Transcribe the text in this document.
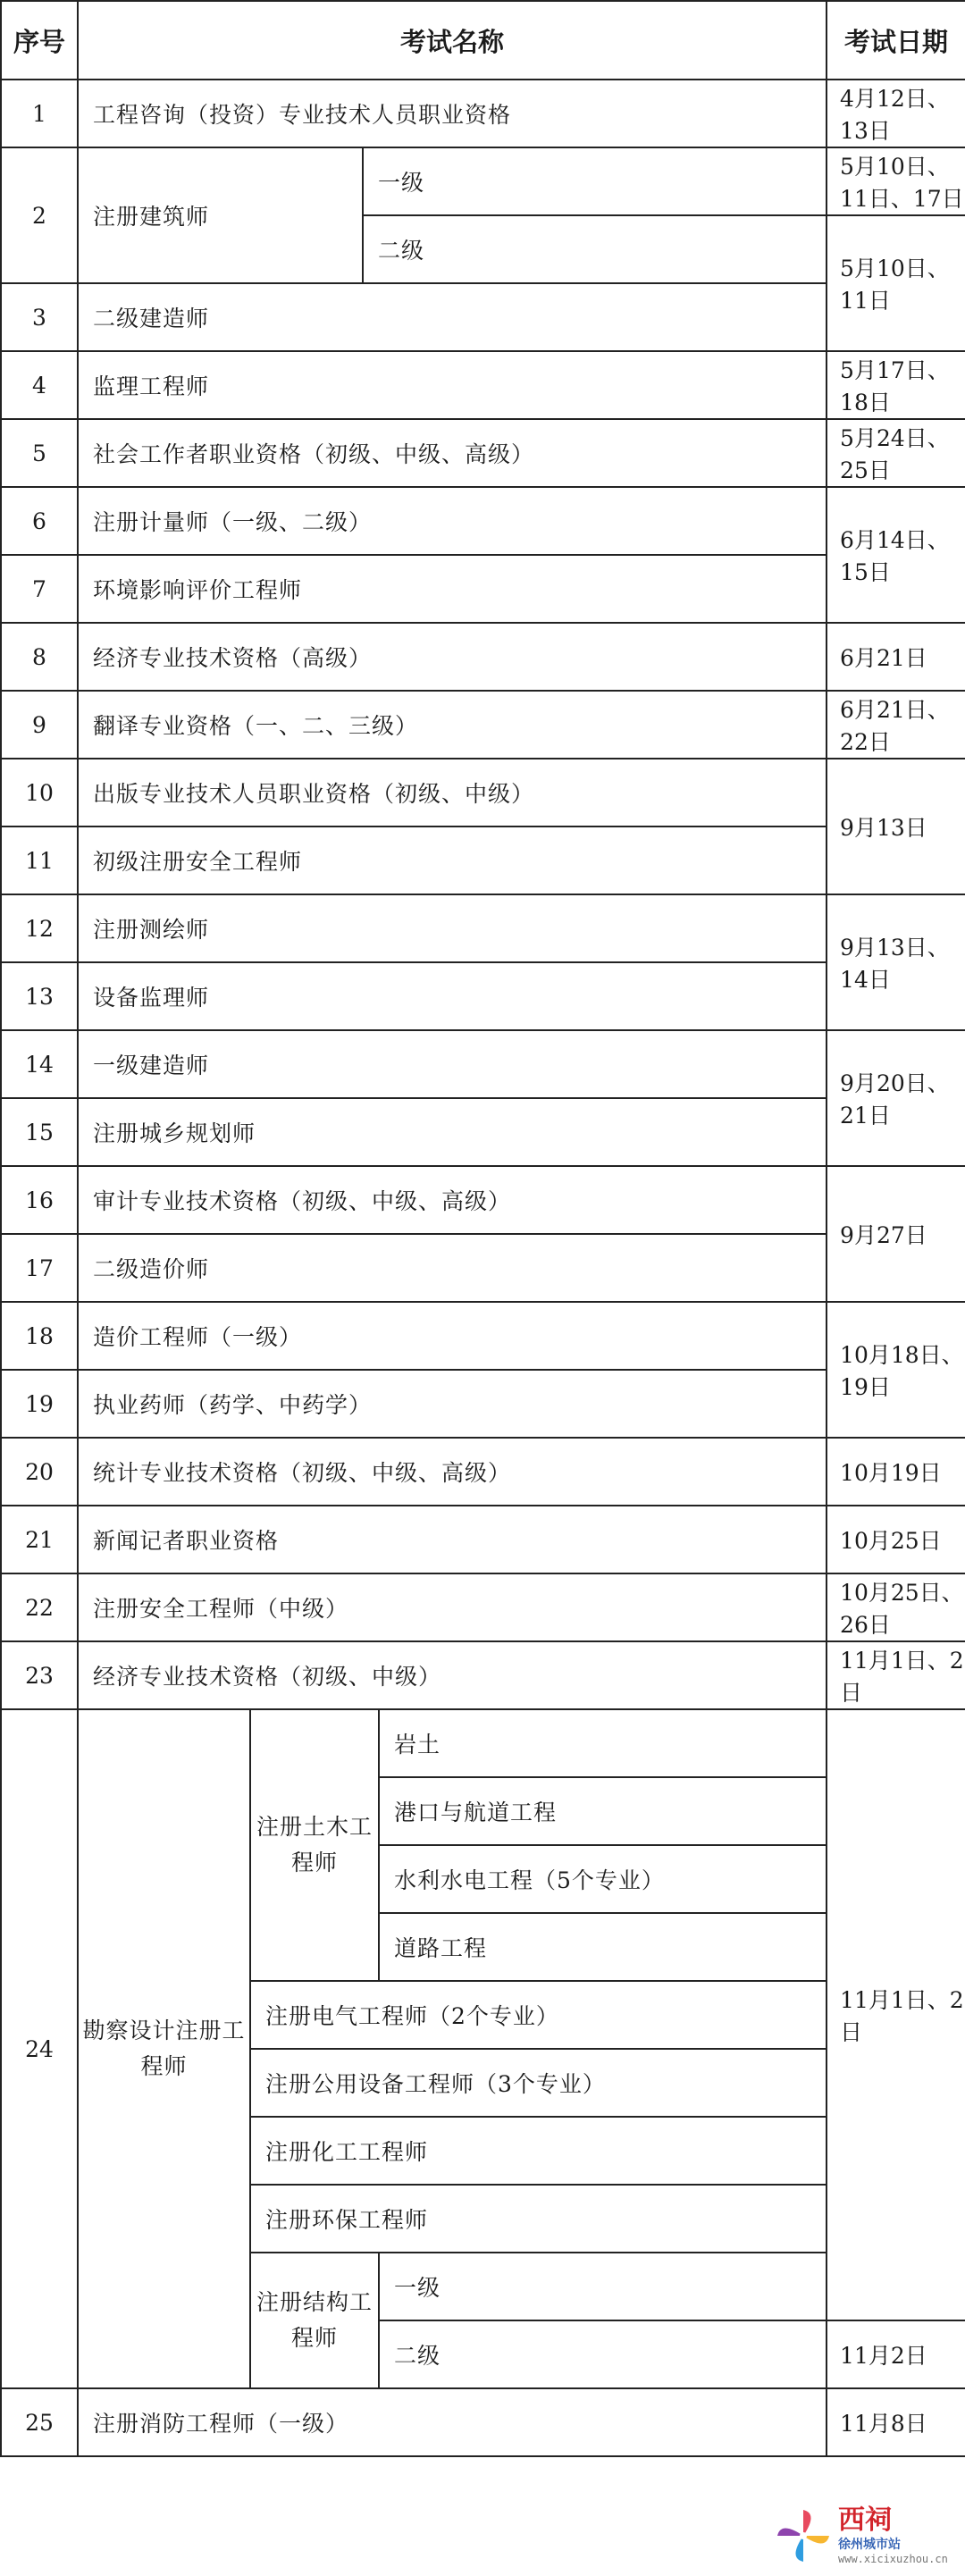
序号	考试名称				考试日期
1	工程咨询（投资）专业技术人员职业资格				4月12日、13日
2	注册建筑师		一级		5月10日、11日、17日
			二级		5月10日、11日
3	二级建造师				
4	监理工程师				5月17日、18日
5	社会工作者职业资格（初级、中级、高级）				5月24日、25日
6	注册计量师（一级、二级）				6月14日、15日
7	环境影响评价工程师				
8	经济专业技术资格（高级）				6月21日
9	翻译专业资格（一、二、三级）				6月21日、22日
10	出版专业技术人员职业资格（初级、中级）				9月13日
11	初级注册安全工程师				
12	注册测绘师				9月13日、14日
13	设备监理师				
14	一级建造师				9月20日、21日
15	注册城乡规划师				
16	审计专业技术资格（初级、中级、高级）				9月27日
17	二级造价师				
18	造价工程师（一级）				10月18日、19日
19	执业药师（药学、中药学）				
20	统计专业技术资格（初级、中级、高级）				10月19日
21	新闻记者职业资格				10月25日
22	注册安全工程师（中级）				10月25日、26日
23	经济专业技术资格（初级、中级）				11月1日、2日
24	勘察设计注册工程师	注册土木工程师		岩土	11月1日、2日
				港口与航道工程	
				水利水电工程（5个专业）	
				道路工程	
		注册电气工程师（2个专业）			
		注册公用设备工程师（3个专业）			
		注册化工工程师			
		注册环保工程师			
		注册结构工程师		一级	
				二级	11月2日
25	注册消防工程师（一级）				11月8日
西祠
徐州城市站
www.xicixuzhou.cn
